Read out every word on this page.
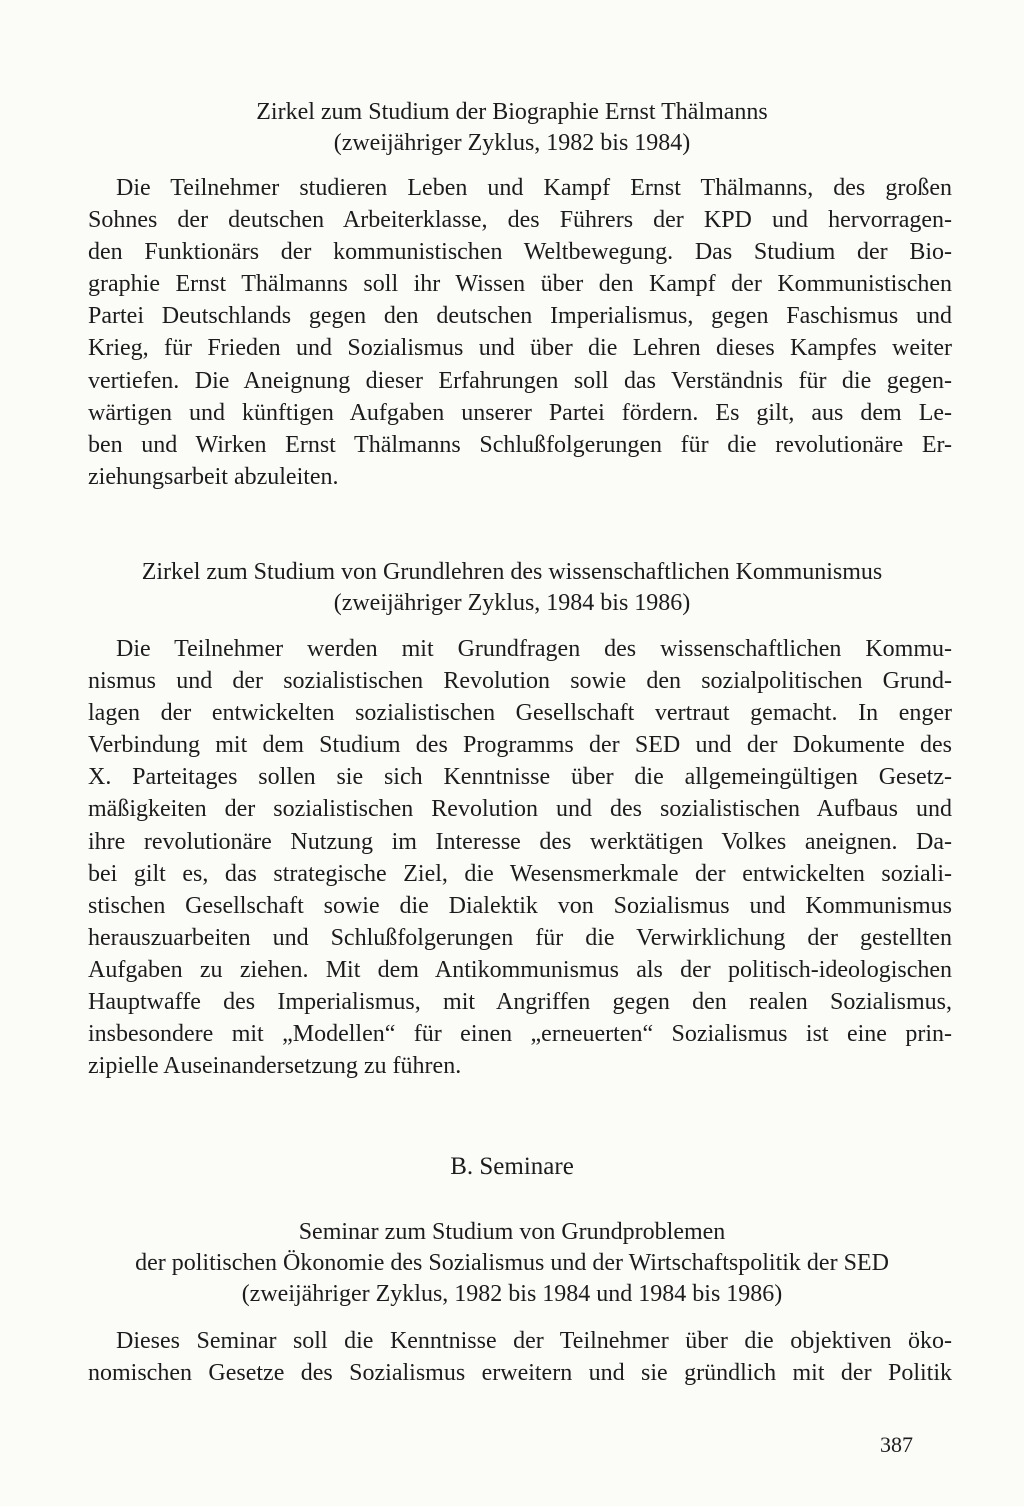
Zirkel zum Studium der Biographie Ernst Thälmanns
(zweijähriger Zyklus, 1982 bis 1984)
Die Teilnehmer studieren Leben und Kampf Ernst Thälmanns, des großen
Sohnes der deutschen Arbeiterklasse, des Führers der KPD und hervorragen-
den Funktionärs der kommunistischen Weltbewegung. Das Studium der Bio-
graphie Ernst Thälmanns soll ihr Wissen über den Kampf der Kommunistischen
Partei Deutschlands gegen den deutschen Imperialismus, gegen Faschismus und
Krieg, für Frieden und Sozialismus und über die Lehren dieses Kampfes weiter
vertiefen. Die Aneignung dieser Erfahrungen soll das Verständnis für die gegen-
wärtigen und künftigen Aufgaben unserer Partei fördern. Es gilt, aus dem Le-
ben und Wirken Ernst Thälmanns Schlußfolgerungen für die revolutionäre Er-
ziehungsarbeit abzuleiten.
Zirkel zum Studium von Grundlehren des wissenschaftlichen Kommunismus
(zweijähriger Zyklus, 1984 bis 1986)
Die Teilnehmer werden mit Grundfragen des wissenschaftlichen Kommu-
nismus und der sozialistischen Revolution sowie den sozialpolitischen Grund-
lagen der entwickelten sozialistischen Gesellschaft vertraut gemacht. In enger
Verbindung mit dem Studium des Programms der SED und der Dokumente des
X. Parteitages sollen sie sich Kenntnisse über die allgemeingültigen Gesetz-
mäßigkeiten der sozialistischen Revolution und des sozialistischen Aufbaus und
ihre revolutionäre Nutzung im Interesse des werktätigen Volkes aneignen. Da-
bei gilt es, das strategische Ziel, die Wesensmerkmale der entwickelten soziali-
stischen Gesellschaft sowie die Dialektik von Sozialismus und Kommunismus
herauszuarbeiten und Schlußfolgerungen für die Verwirklichung der gestellten
Aufgaben zu ziehen. Mit dem Antikommunismus als der politisch-ideologischen
Hauptwaffe des Imperialismus, mit Angriffen gegen den realen Sozialismus,
insbesondere mit „Modellen“ für einen „erneuerten“ Sozialismus ist eine prin-
zipielle Auseinandersetzung zu führen.
B. Seminare
Seminar zum Studium von Grundproblemen
der politischen Ökonomie des Sozialismus und der Wirtschaftspolitik der SED
(zweijähriger Zyklus, 1982 bis 1984 und 1984 bis 1986)
Dieses Seminar soll die Kenntnisse der Teilnehmer über die objektiven öko-
nomischen Gesetze des Sozialismus erweitern und sie gründlich mit der Politik
387
